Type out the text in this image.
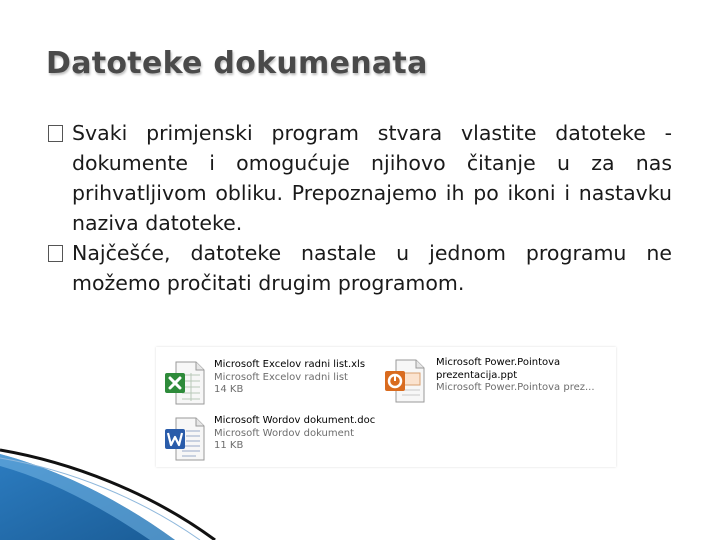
Datoteke dokumenata
Svaki primjenski program stvara vlastite datoteke - dokumente i omogućuje njihovo čitanje u za nas prihvatljivom obliku. Prepoznajemo ih po ikoni i nastavku naziva datoteke.
Najčešće, datoteke nastale u jednom programu ne možemo pročitati drugim programom.
Microsoft Excelov radni list.xls
Microsoft Excelov radni list
14 KB
Microsoft Power.Pointova
prezentacija.ppt
Microsoft Power.Pointova prez...
Microsoft Wordov dokument.doc
Microsoft Wordov dokument
11 KB
